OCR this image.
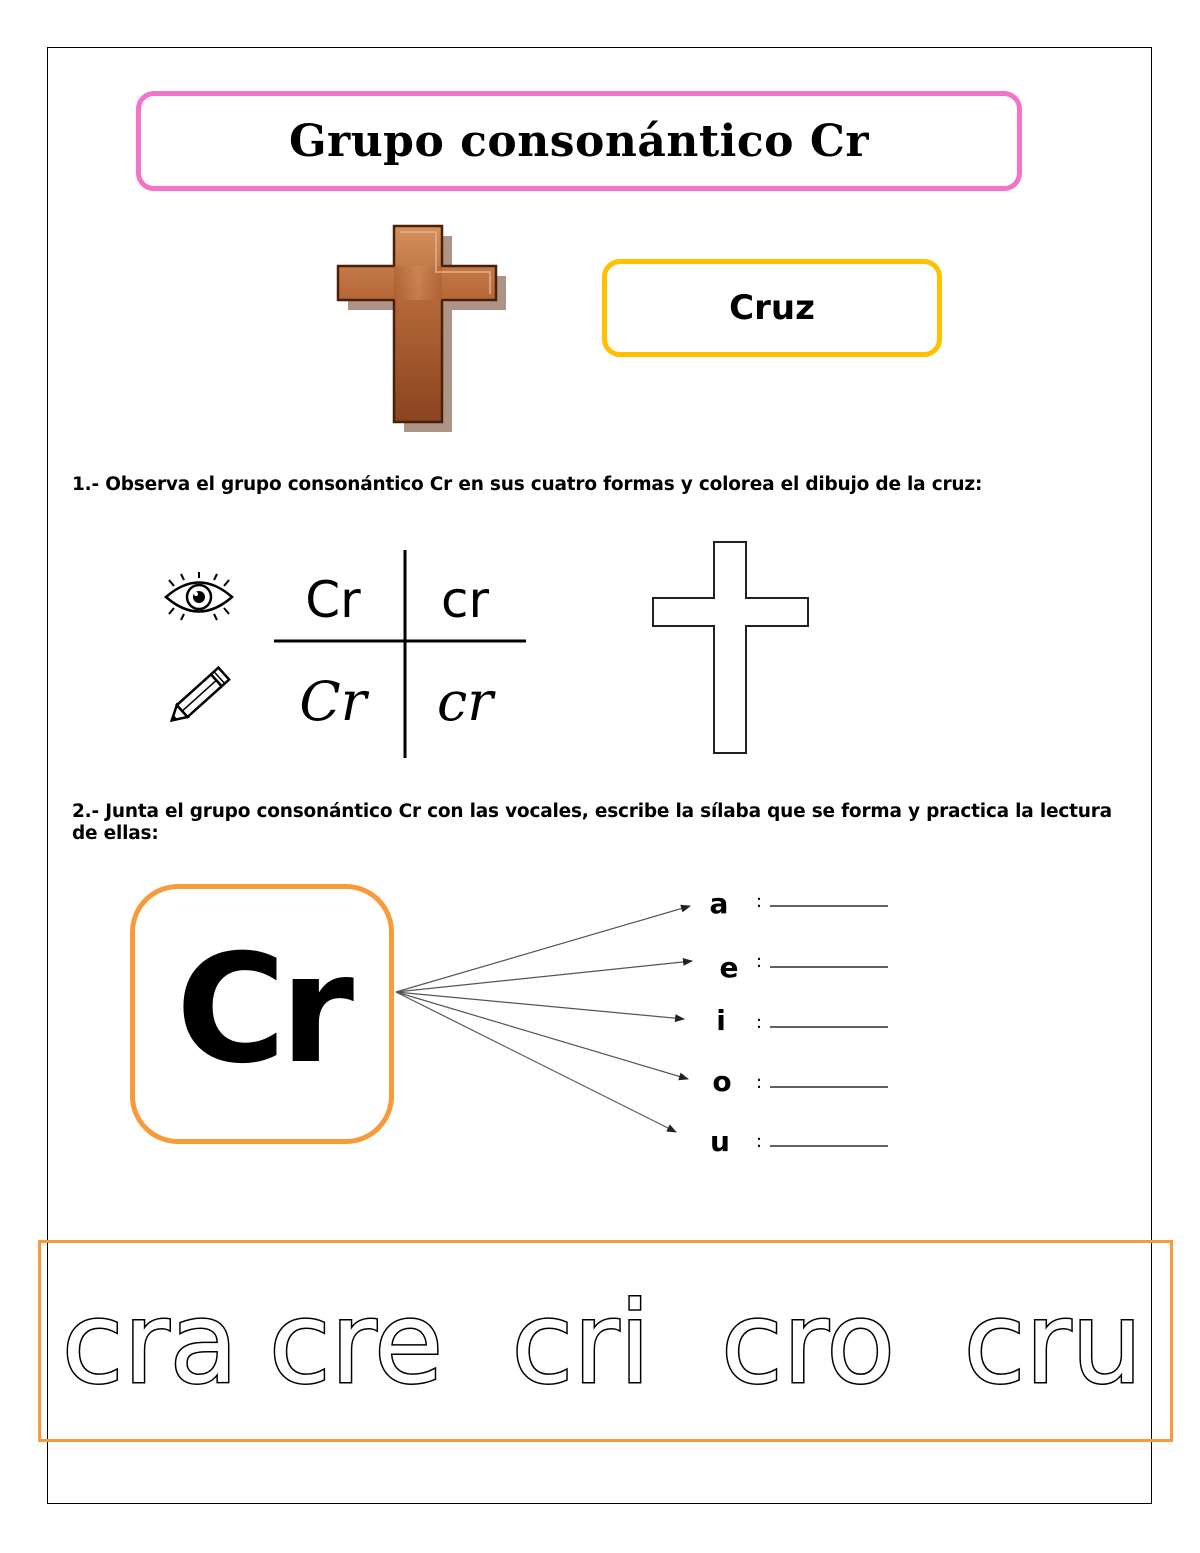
Grupo consonántico Cr
Cruz
1.- Observa el grupo consonántico Cr en sus cuatro formas y colorea el dibujo de la cruz:
Cr cr
Cr cr
2.- Junta el grupo consonántico Cr con las vocales, escribe la sílaba que se forma y practica la lectura de ellas:
Cr
a :
e :
i :
o :
u :
cra cre cri cro cru
